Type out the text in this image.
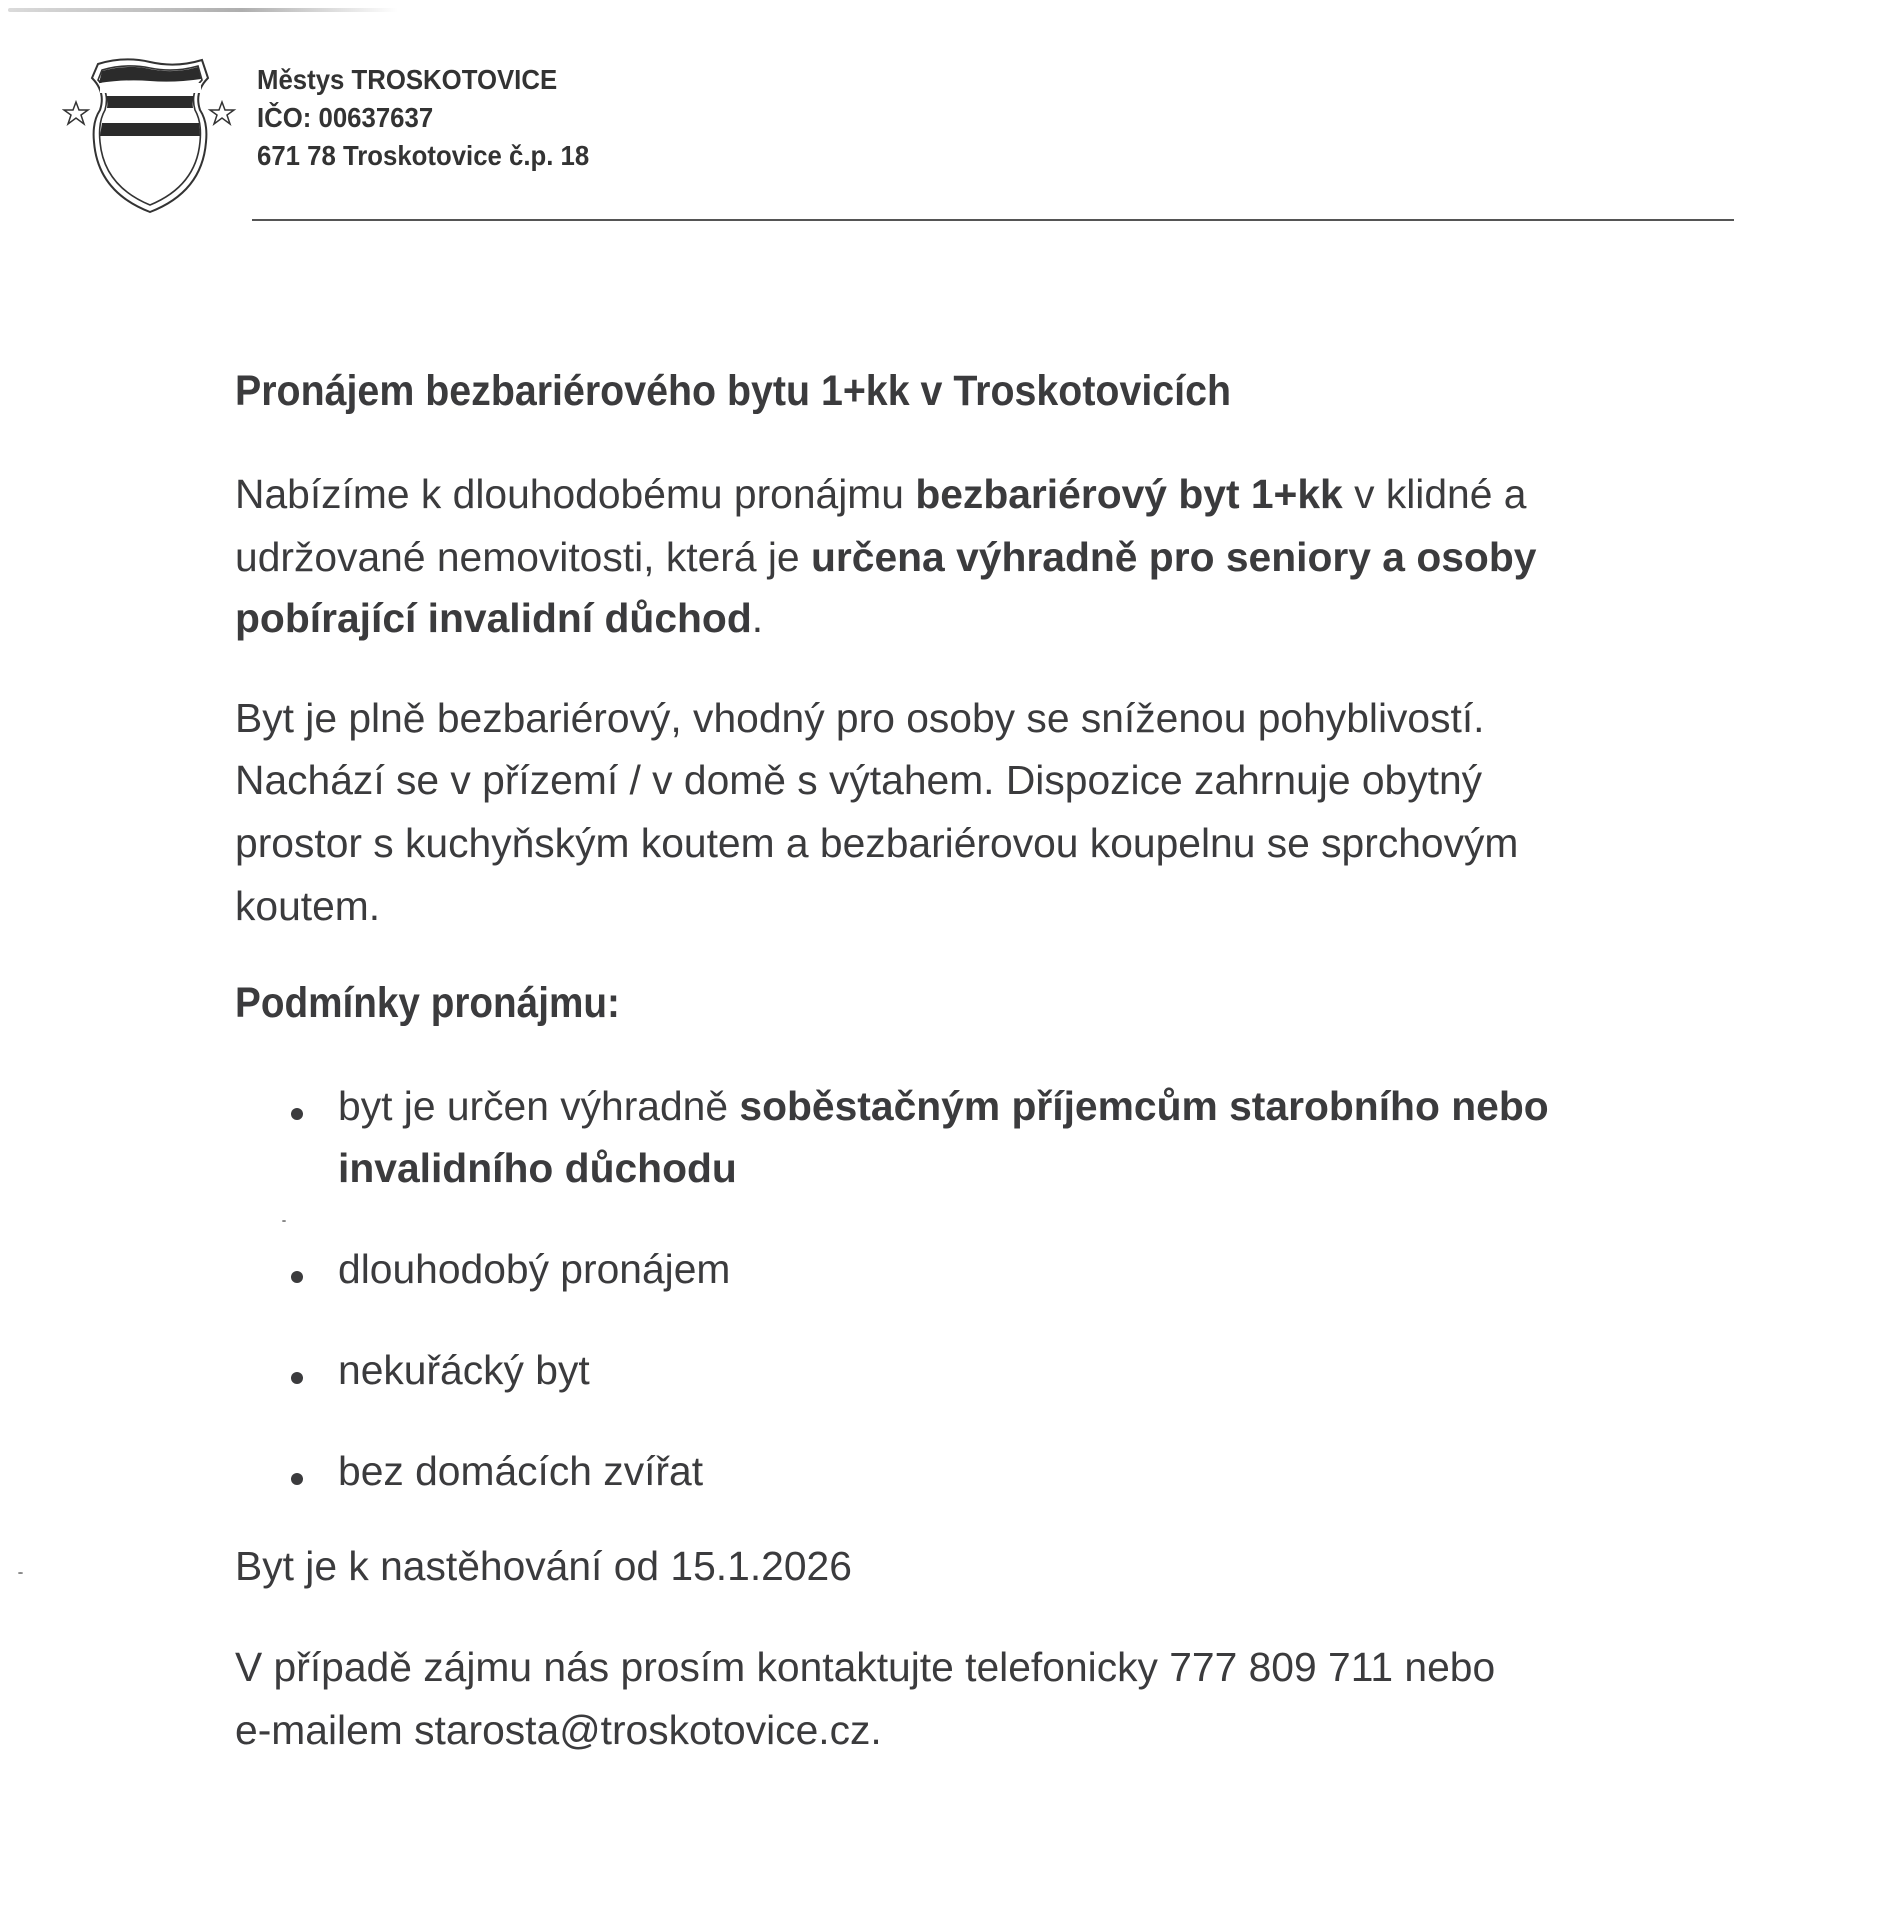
Městys TROSKOTOVICE
IČO: 00637637
671 78 Troskotovice č.p. 18
Pronájem bezbariérového bytu 1+kk v Troskotovicích
Nabízíme k dlouhodobému pronájmu bezbariérový byt 1+kk v klidné a
udržované nemovitosti, která je určena výhradně pro seniory a osoby
pobírající invalidní důchod.
Byt je plně bezbariérový, vhodný pro osoby se sníženou pohyblivostí.
Nachází se v přízemí / v domě s výtahem. Dispozice zahrnuje obytný
prostor s kuchyňským koutem a bezbariérovou koupelnu se sprchovým
koutem.
Podmínky pronájmu:
byt je určen výhradně soběstačným příjemcům starobního nebo
invalidního důchodu
dlouhodobý pronájem
nekuřácký byt
bez domácích zvířat
Byt je k nastěhování od 15.1.2026
V případě zájmu nás prosím kontaktujte telefonicky 777 809 711 nebo
e-mailem starosta@troskotovice.cz.
